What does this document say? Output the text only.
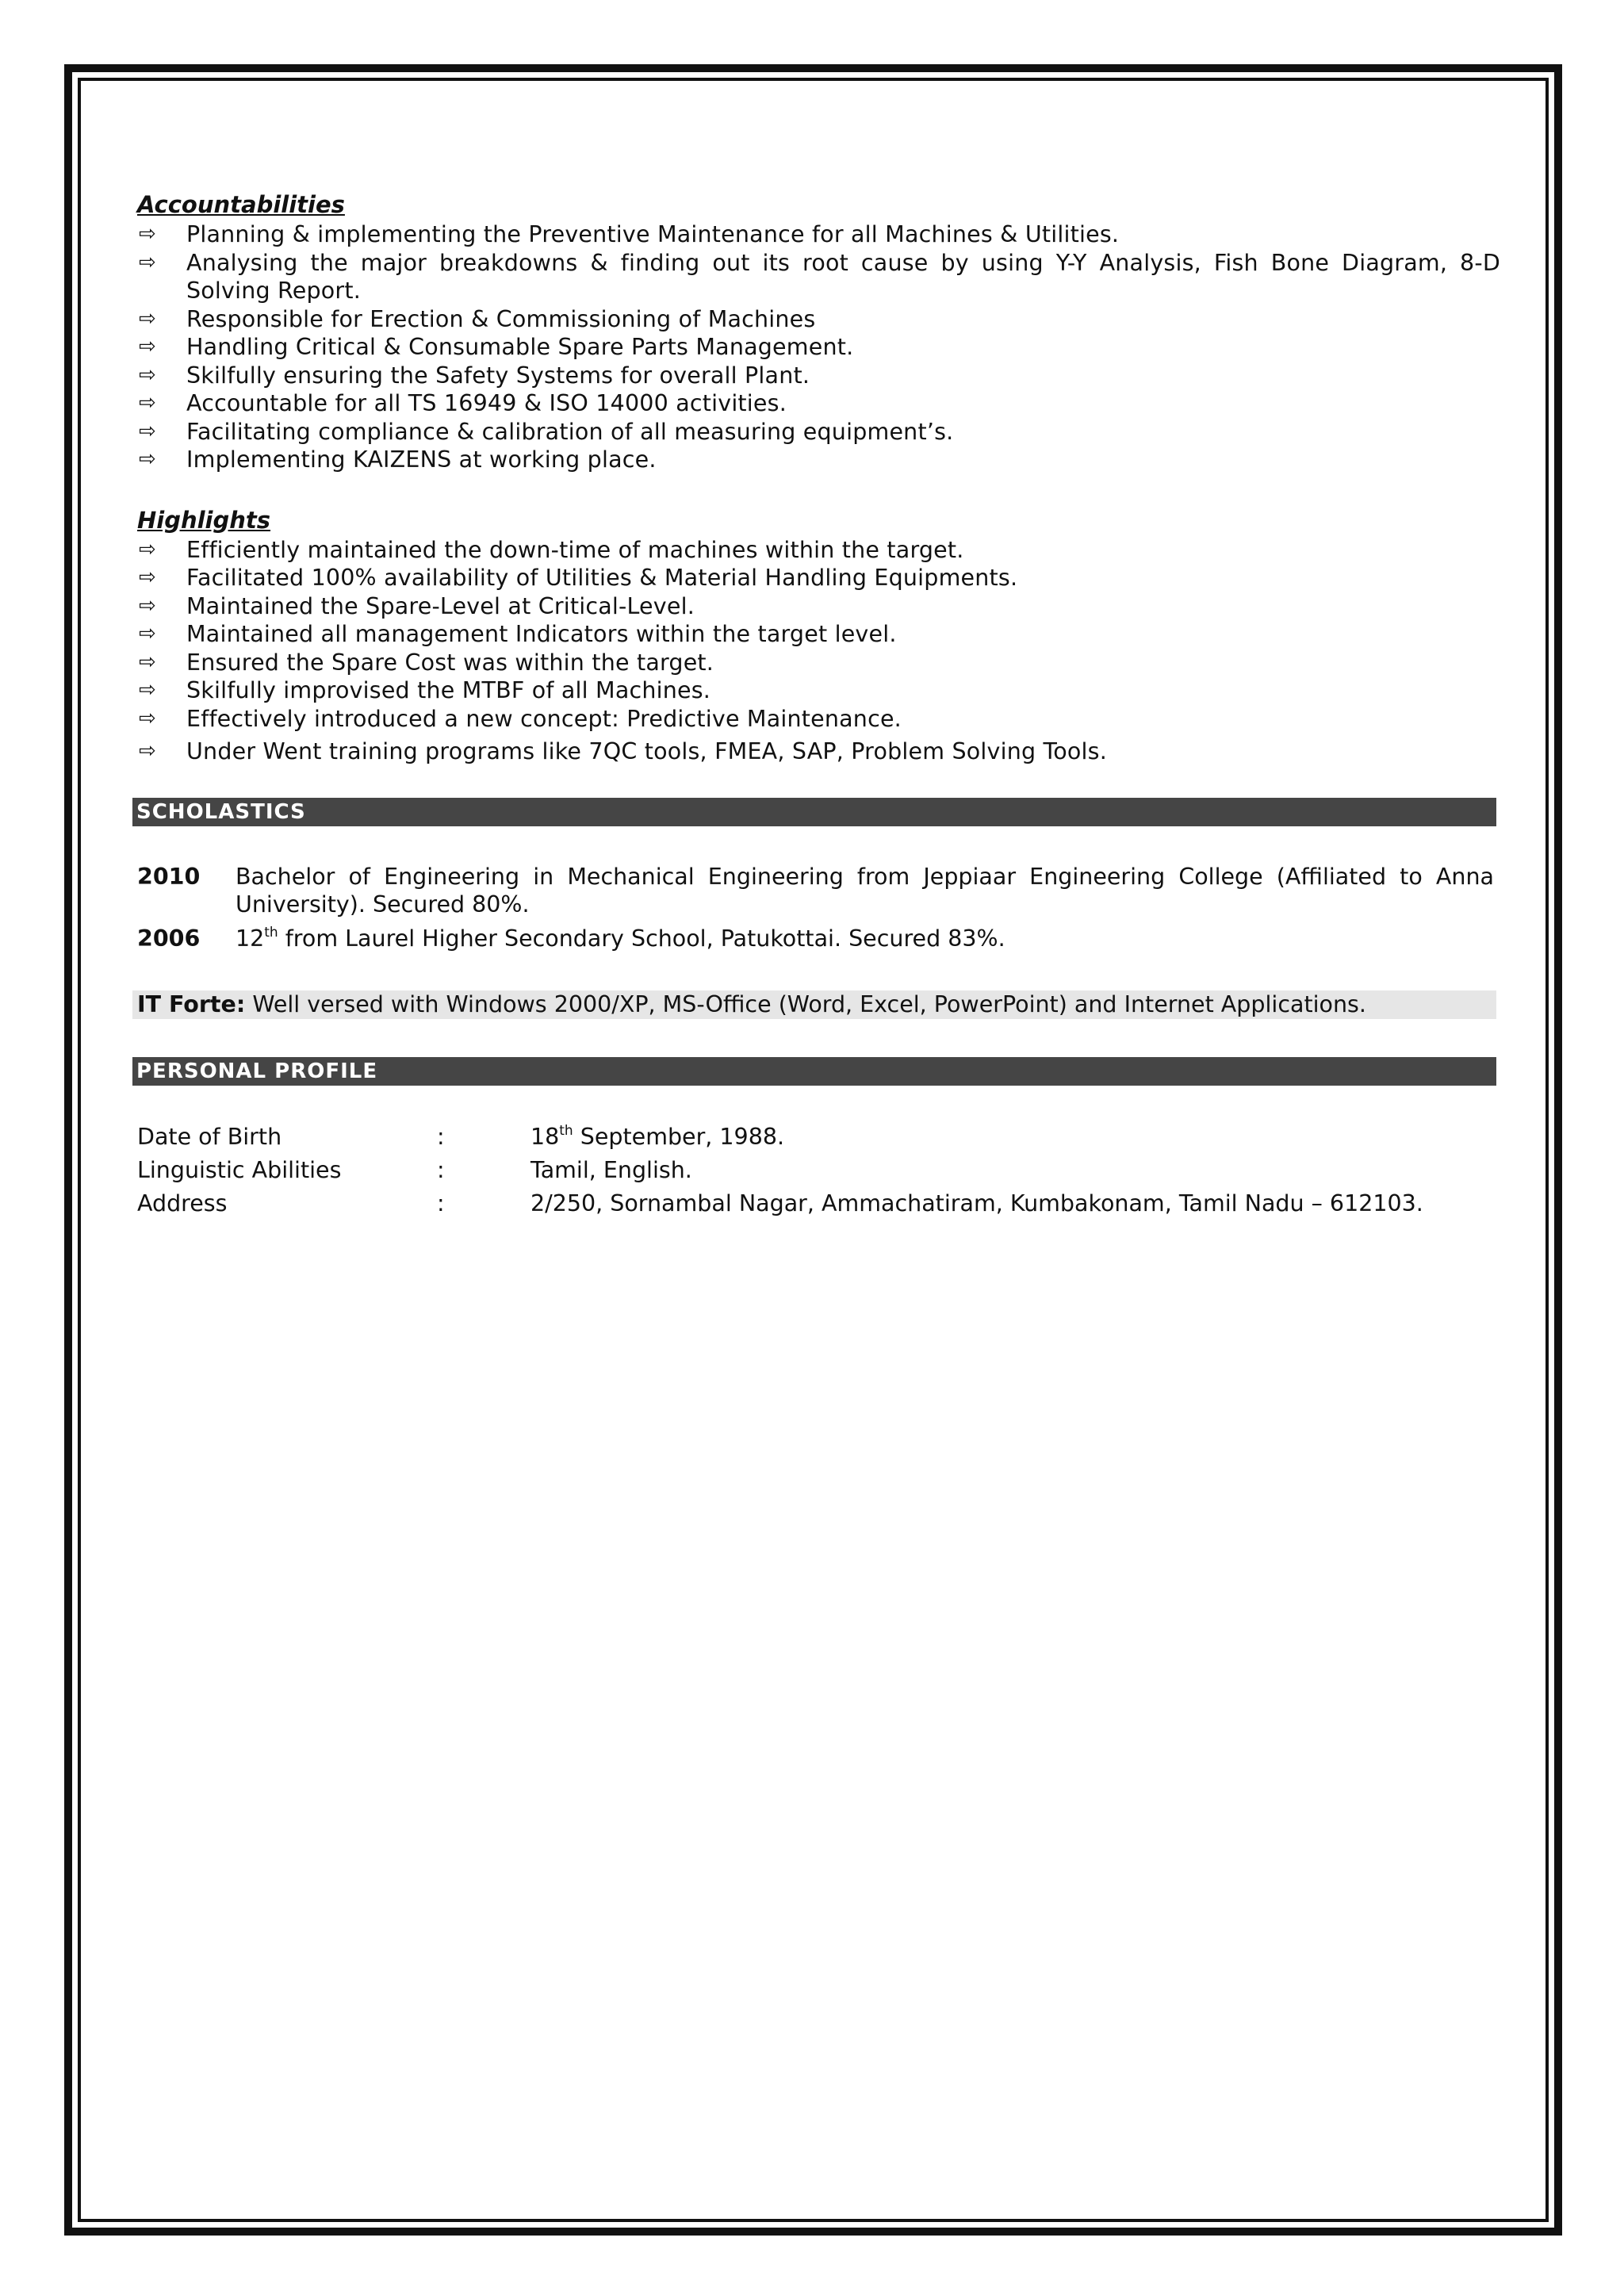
Accountabilities
⇨ Planning & implementing the Preventive Maintenance for all Machines & Utilities.
⇨ Analysing the major breakdowns & finding out its root cause by using Y-Y Analysis, Fish Bone Diagram, 8-D Solving Report.
⇨ Responsible for Erection & Commissioning of Machines
⇨ Handling Critical & Consumable Spare Parts Management.
⇨ Skilfully ensuring the Safety Systems for overall Plant.
⇨ Accountable for all TS 16949 & ISO 14000 activities.
⇨ Facilitating compliance & calibration of all measuring equipment’s.
⇨ Implementing KAIZENS at working place.
Highlights
⇨ Efficiently maintained the down-time of machines within the target.
⇨ Facilitated 100% availability of Utilities & Material Handling Equipments.
⇨ Maintained the Spare-Level at Critical-Level.
⇨ Maintained all management Indicators within the target level.
⇨ Ensured the Spare Cost was within the target.
⇨ Skilfully improvised the MTBF of all Machines.
⇨ Effectively introduced a new concept: Predictive Maintenance.
⇨ Under Went training programs like 7QC tools, FMEA, SAP, Problem Solving Tools.
SCHOLASTICS
2010	Bachelor of Engineering in Mechanical Engineering from Jeppiaar Engineering College (Affiliated to Anna University). Secured 80%.
2006	12th from Laurel Higher Secondary School, Patukottai. Secured 83%.
IT Forte: Well versed with Windows 2000/XP, MS-Office (Word, Excel, PowerPoint) and Internet Applications.
PERSONAL PROFILE
Date of Birth	:	18th September, 1988.
Linguistic Abilities	:	Tamil, English.
Address	:	2/250, Sornambal Nagar, Ammachatiram, Kumbakonam, Tamil Nadu – 612103.
